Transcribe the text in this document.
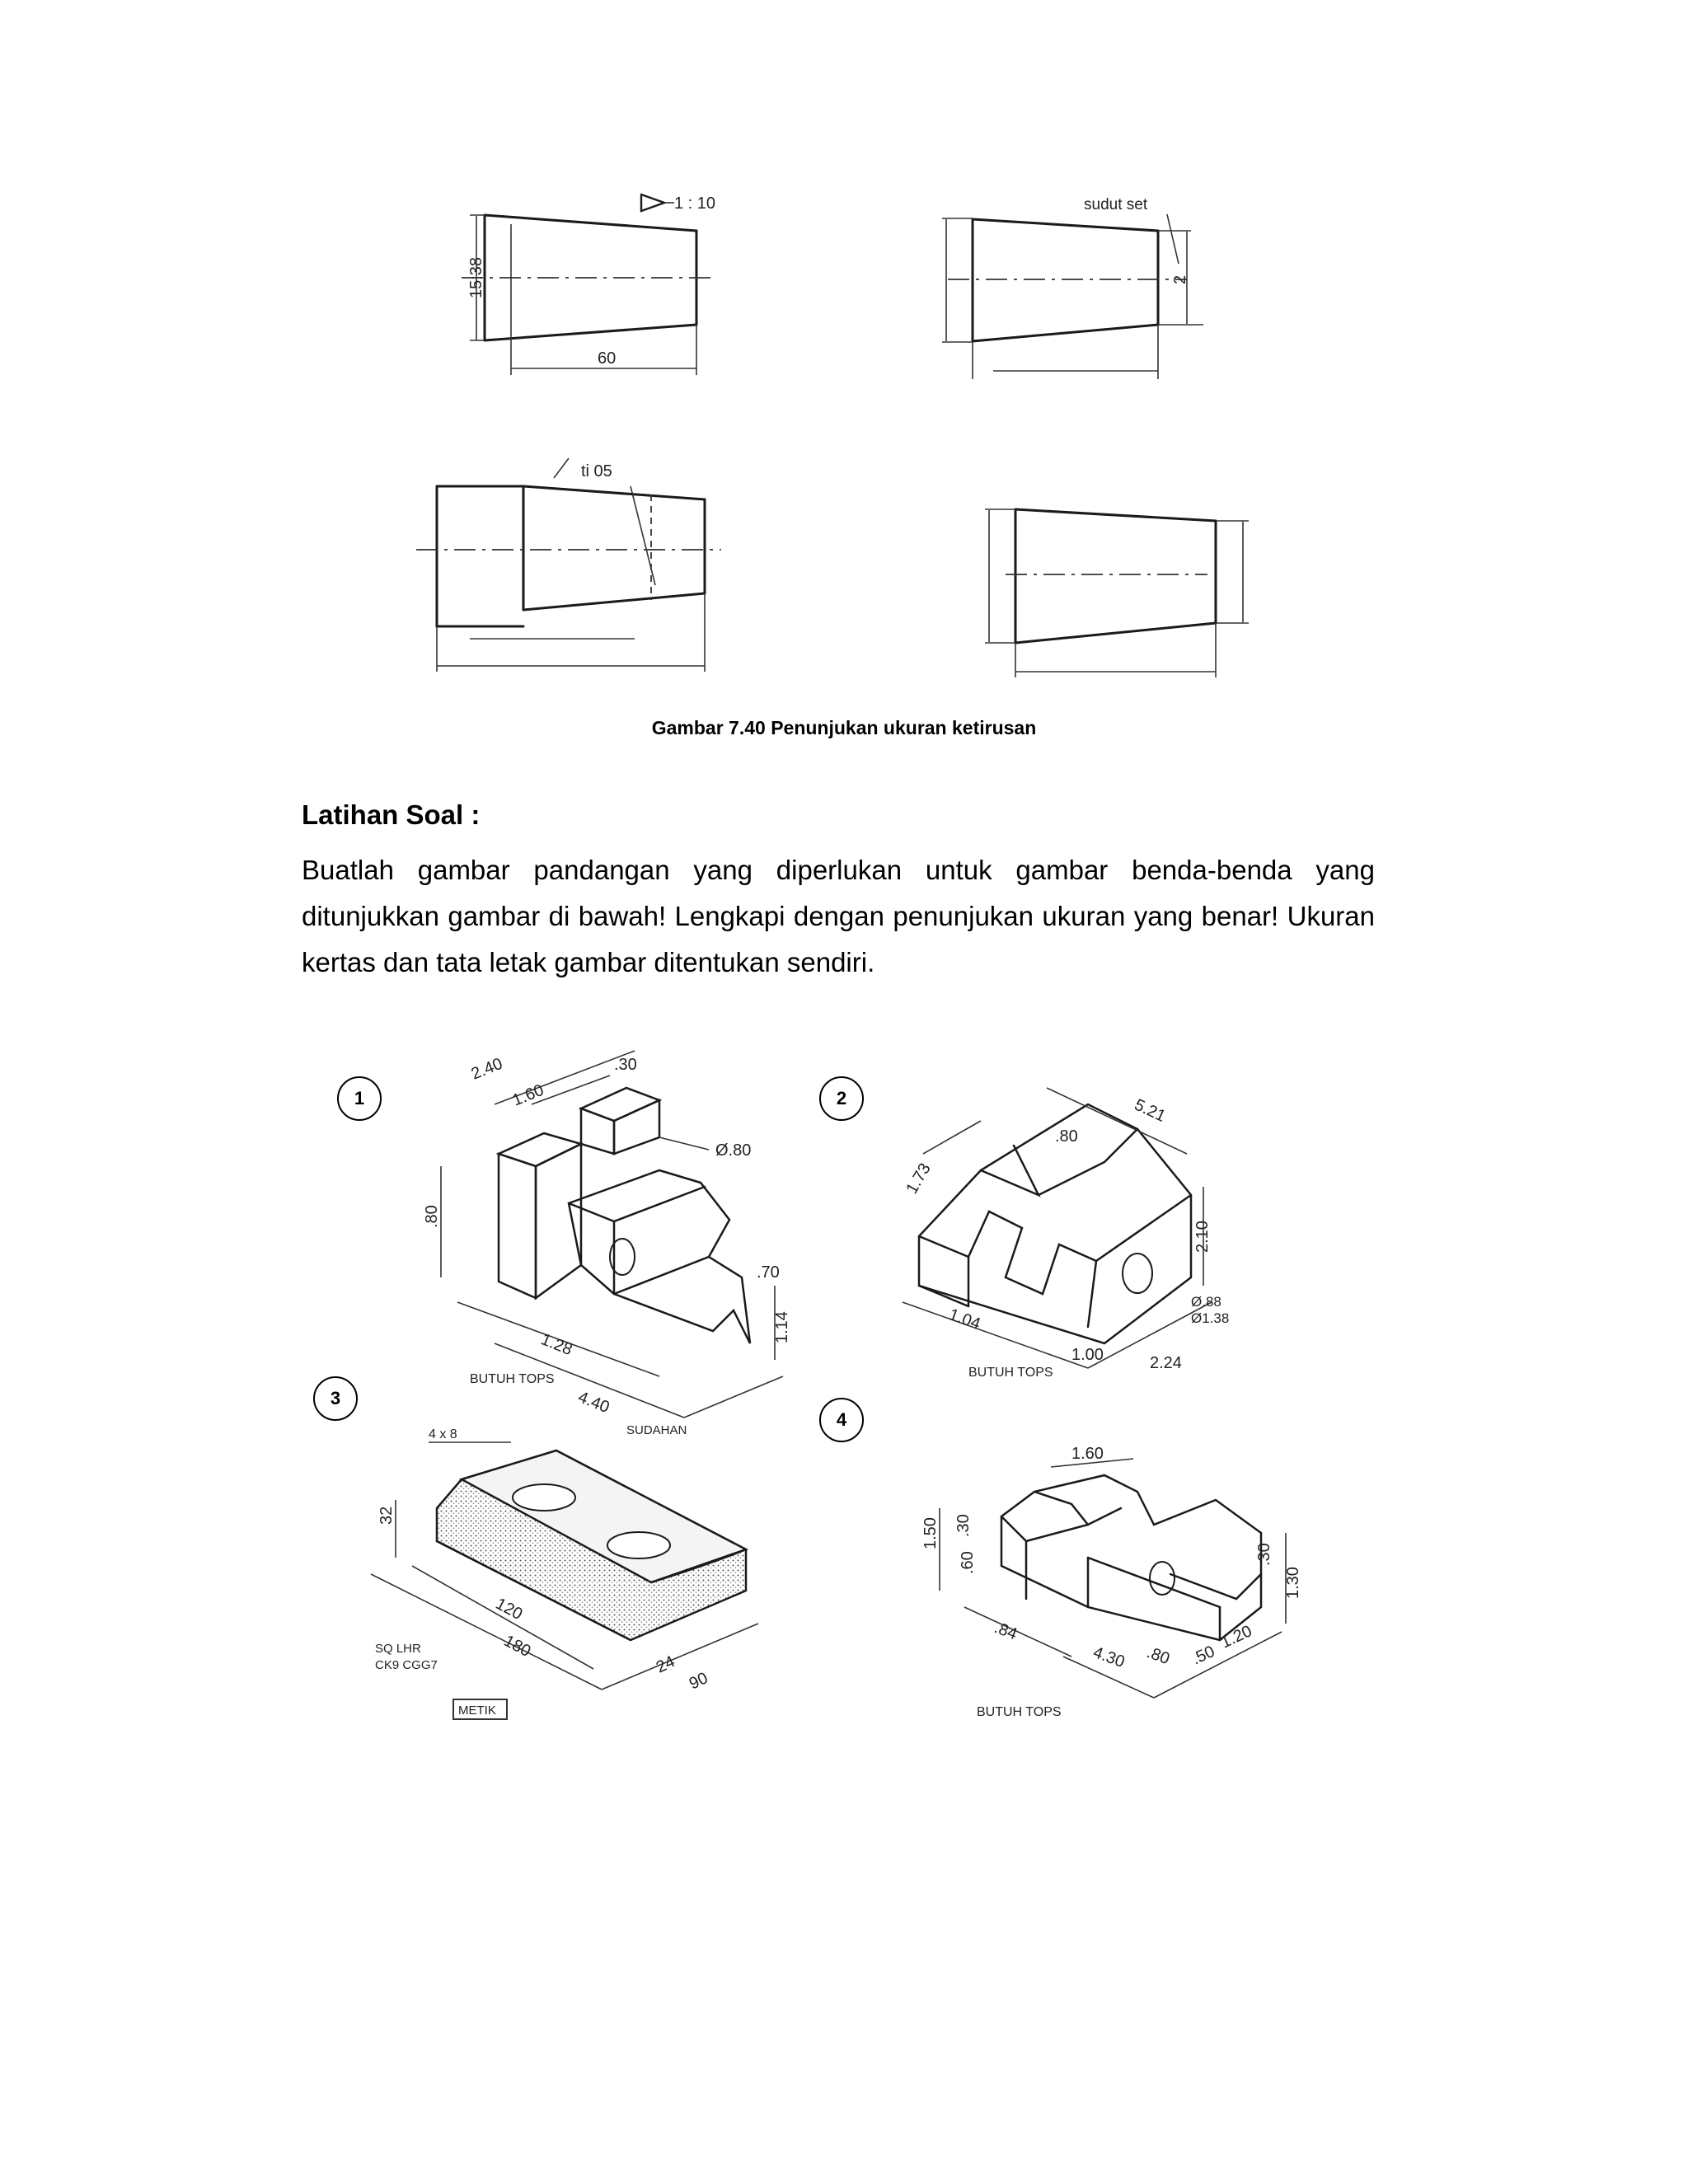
1 : 10
15:38
60
sudut set
2
ti 05
Gambar 7.40 Penunjukan ukuran ketirusan
Latihan Soal :
Buatlah gambar pandangan yang diperlukan untuk gambar benda-benda yang ditunjukkan gambar di bawah! Lengkapi dengan penunjukan ukuran yang benar! Ukuran kertas dan tata letak gambar ditentukan sendiri.
2.40
1.60
.30
Ø.80
.80
1.28
4.40
.70
1.14
BUTUH TOPS
5.21
.80
1.73
2.10
1.04
1.00	2.24
Ø.88
Ø1.38
BUTUH TOPS
4 x 8	SUDAHAN
32
120
180
24
90
SQ LHR
CK9 CGG7
METIK
1.60
1.50 .30
.60
.84
4.30 .80 .50
1.20
.30
1.30
BUTUH TOPS
1	2
3
4
